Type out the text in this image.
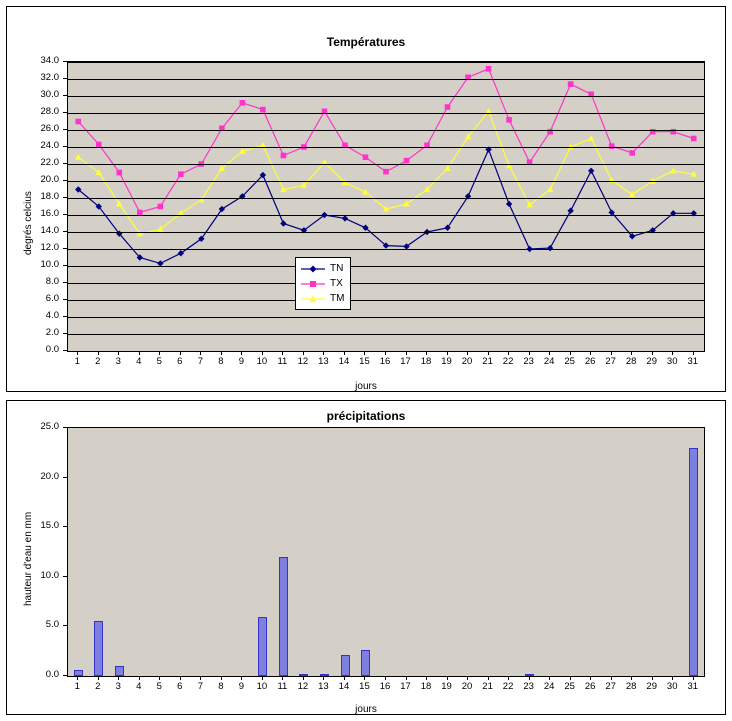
Températures
degrés celcius
0.0
2.0
4.0
6.0
8.0
10.0
12.0
14.0
16.0
18.0
20.0
22.0
24.0
26.0
28.0
30.0
32.0
34.0
1	2	3	4	5	6	7	8	9	10	11	12	13	14	15	16	17	18	19	20	21	22	23	24	25	26	27	28	29	30	31
jours
TN
TX
TM
précipitations
hauteur d'eau en mm
0.0
5.0
10.0
15.0
20.0
25.0
1	2	3	4	5	6	7	8	9	10	11	12	13	14	15	16	17	18	19	20	21	22	23	24	25	26	27	28	29	30	31
jours
